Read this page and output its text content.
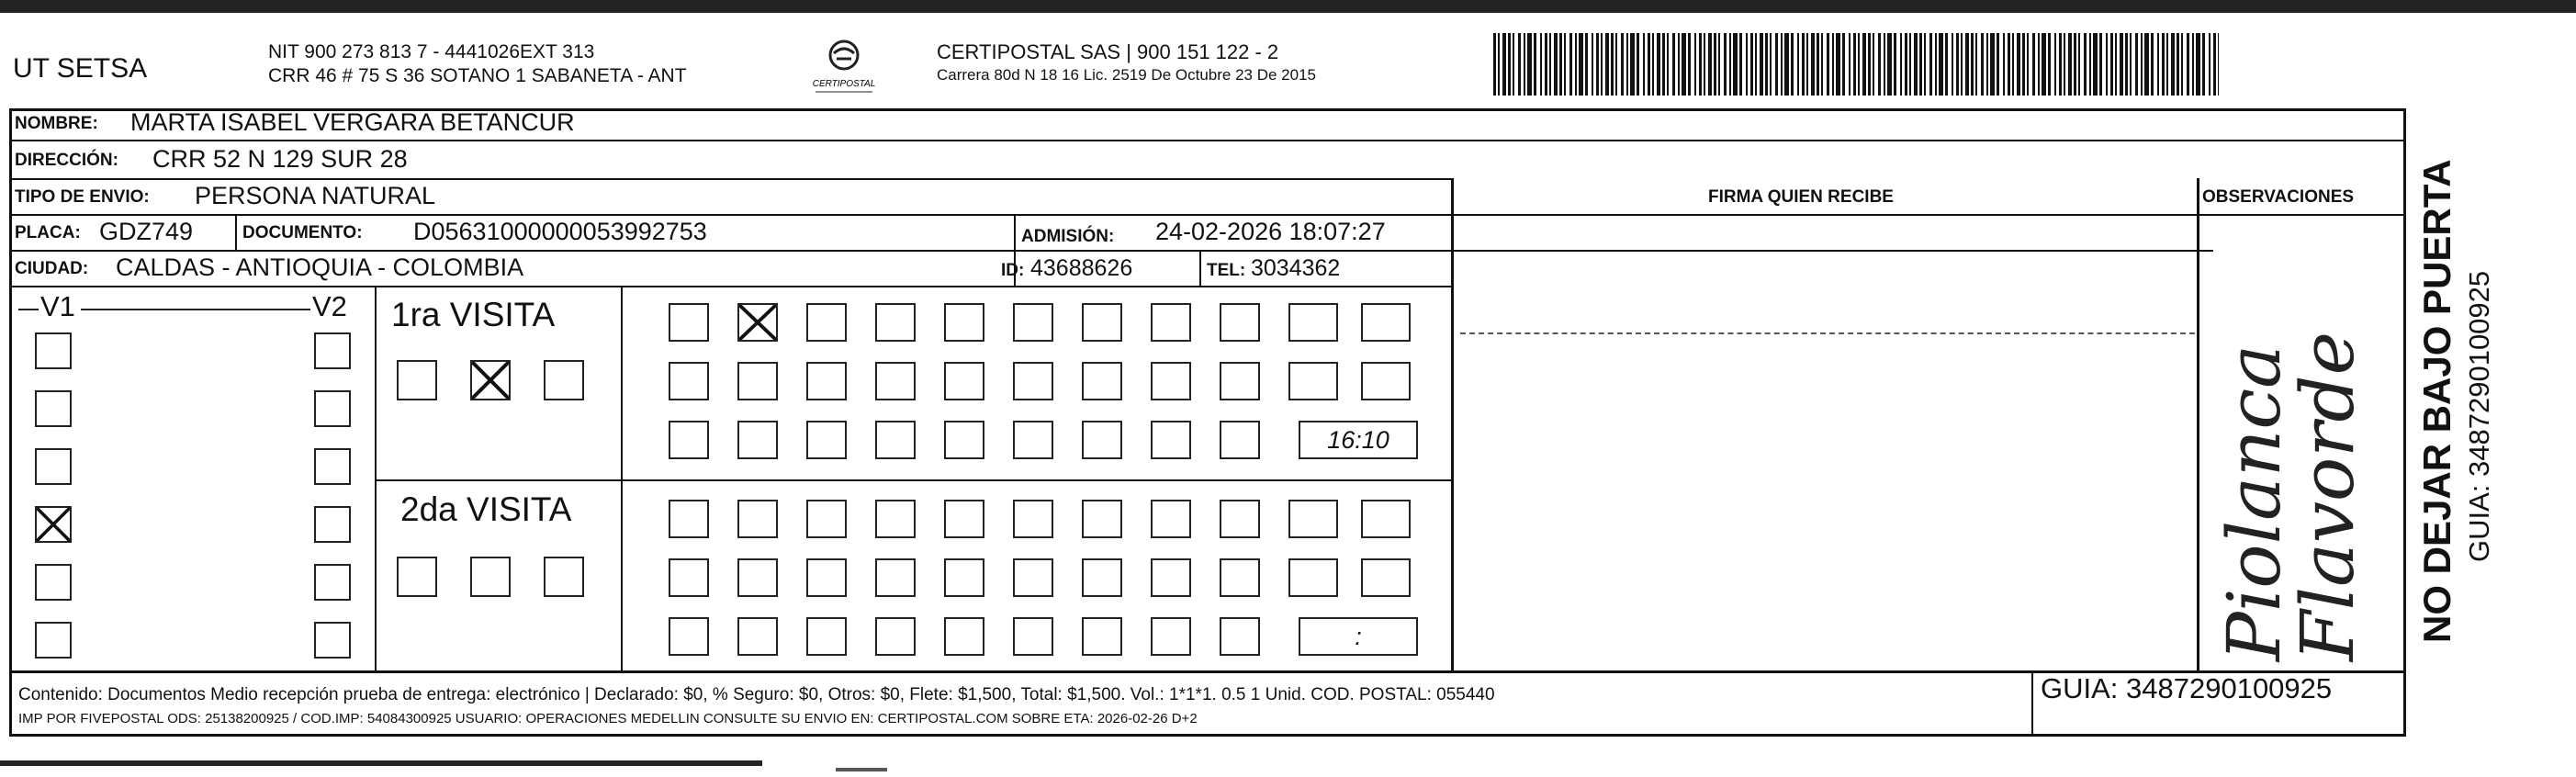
UT SETSA
NIT 900 273 813 7 - 4441026EXT 313
CRR 46 # 75 S 36 SOTANO 1 SABANETA - ANT	CERTIPOSTAL
CERTIPOSTAL SAS | 900 151 122 - 2
Carrera 80d N 18 16 Lic. 2519 De Octubre 23 De 2015
NOMBRE: MARTA ISABEL VERGARA BETANCUR
DIRECCIÓN: CRR 52 N 129 SUR 28
TIPO DE ENVIO: PERSONA NATURAL
PLACA: GDZ749	DOCUMENTO: D05631000000053992753	ADMISIÓN: 24-02-2026 18:07:27
CIUDAD: CALDAS - ANTIOQUIA - COLOMBIA	ID: 43688626	TEL: 3034362
FIRMA QUIEN RECIBE	OBSERVACIONES
V1	V2 1ra VISITA
2da VISITA
16:10
:	Piolanca
Flavorde NO DEJAR BAJO PUERTA GUIA: 3487290100925
Contenido: Documentos Medio recepción prueba de entrega: electrónico | Declarado: $0, % Seguro: $0, Otros: $0, Flete: $1,500, Total: $1,500. Vol.: 1*1*1. 0.5 1 Unid. COD. POSTAL: 055440
IMP POR FIVEPOSTAL ODS: 25138200925 / COD.IMP: 54084300925 USUARIO: OPERACIONES MEDELLIN CONSULTE SU ENVIO EN: CERTIPOSTAL.COM SOBRE ETA: 2026-02-26 D+2
GUIA: 3487290100925
